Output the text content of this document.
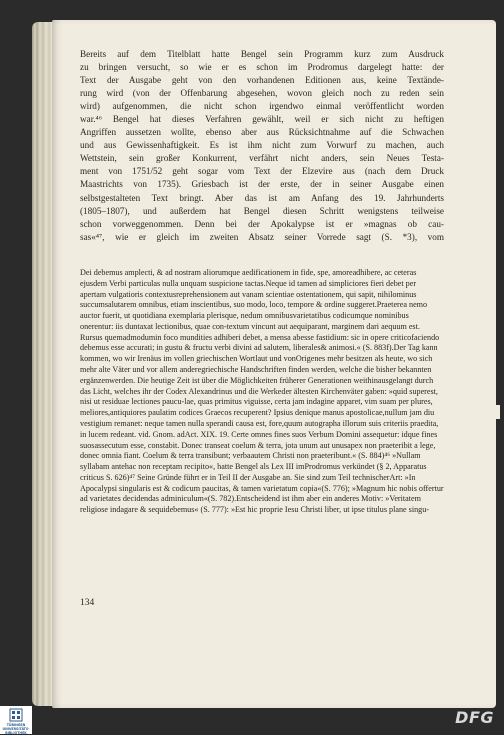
Bereits auf dem Titelblatt hatte Bengel sein Programm kurz zum Ausdruck
zu bringen versucht, so wie er es schon im Prodromus dargelegt hatte: der
Text der Ausgabe geht von den vorhandenen Editionen aus, keine Textände-
rung wird (von der Offenbarung abgesehen, wovon gleich noch zu reden sein
wird) aufgenommen, die nicht schon irgendwo einmal veröffentlicht worden
war.⁴⁶ Bengel hat dieses Verfahren gewählt, weil er sich nicht zu heftigen
Angriffen aussetzen wollte, ebenso aber aus Rücksichtnahme auf die Schwachen
und aus Gewissenhaftigkeit. Es ist ihm nicht zum Vorwurf zu machen, auch
Wettstein, sein großer Konkurrent, verfährt nicht anders, sein Neues Testa-
ment von 1751/52 geht sogar vom Text der Elzevire aus (nach dem Druck
Maastrichts von 1735). Griesbach ist der erste, der in seiner Ausgabe einen
selbstgestalteten Text bringt. Aber das ist am Anfang des 19. Jahrhunderts
(1805–1807), und außerdem hat Bengel diesen Schritt wenigstens teilweise
schon vorweggenommen. Denn bei der Apokalypse ist er »magnas ob cau-
sas«⁴⁷, wie er gleich im zweiten Absatz seiner Vorrede sagt (S. *3), vom
Dei debemus amplecti, & ad nostram aliorumque aedificationem in fide, spe, amoreadhibere, ac ceteras ejusdem Verbi particulas nulla unquam suspicione tactas.Neque id tamen ad simpliciores fieri debet per apertam vulgatioris contextusreprehensionem aut vanam scientiae ostentationem, qui sapit, nihilominus succumsalutarem omnibus, etiam inscientibus, suo modo, loco, tempore & ordine suggeret.Praeterea nemo auctor fuerit, ut quotidiana exemplaria plerisque, nedum omnibusvarietatibus codicumque nominibus onerentur: iis duntaxat lectionibus, quae con-textum vincunt aut aequiparant, marginem dari aequum est. Rursus quemadmodumin foco mundities adhiberi debet, a mensa abesse fastidium: sic in opere criticofaciendo debemus esse accurati; in gustu & fructu verbi divini ad salutem, liberales& animosi.« (S. 883f).Der Tag kann kommen, wo wir Irenäus im vollen griechischen Wortlaut und vonOrigenes mehr besitzen als heute, wo sich mehr alte Väter und vor allem anderegriechische Handschriften finden werden, welche die bisher bekannten ergänzenwerden. Die heutige Zeit ist über die Möglichkeiten früherer Generationen weithinausgelangt durch das Licht, welches ihr der Codex Alexandrinus und die Werkeder ältesten Kirchenväter gaben: »quid superest, nisi ut residuae lectiones paucu-lae, quas primitus viguisse, certa jam indagine apparet, vim suam per plures, meliores,antiquiores paulatim codices Graecos recuperent? Ipsius denique manus apostolicae,nullum jam diu vestigium remanet: neque tamen nulla sperandi causa est, fore,quum autographa illorum suis criteriis praedita, in lucem redeant. vid. Gnom. adAct. XIX. 19. Certe omnes fines suos Verbum Domini assequetur: idque fines suosassecutum esse, constabit. Donec transeat coelum & terra, jota unum aut unusapex non praeteribit a lege, donec omnia fiant. Coelum & terra transibunt; verbaautem Christi non praeteribunt.« (S. 884)⁴⁶ »Nullam syllabam antehac non receptam recipito«, hatte Bengel als Lex III imProdromus verkündet (§ 2, Apparatus criticus S. 626)⁴⁷ Seine Gründe führt er in Teil II der Ausgabe an. Sie sind zum Teil technischerArt: »In Apocalypsi singularis est & codicum paucitas, & tamen varietatum copia«(S. 776); »Magnum hic nobis offertur ad varietates decidendas adminiculum«(S. 782).Entscheidend ist ihm aber ein anderes Motiv: »Veritatem religiose indagare & sequidebemus« (S. 777): »Est hic proprie Iesu Christi liber, ut ipse titulus plane singu-
134
TÜBINGEN
UNIVERSITÄTS-
BIBLIOTHEK
DFG
